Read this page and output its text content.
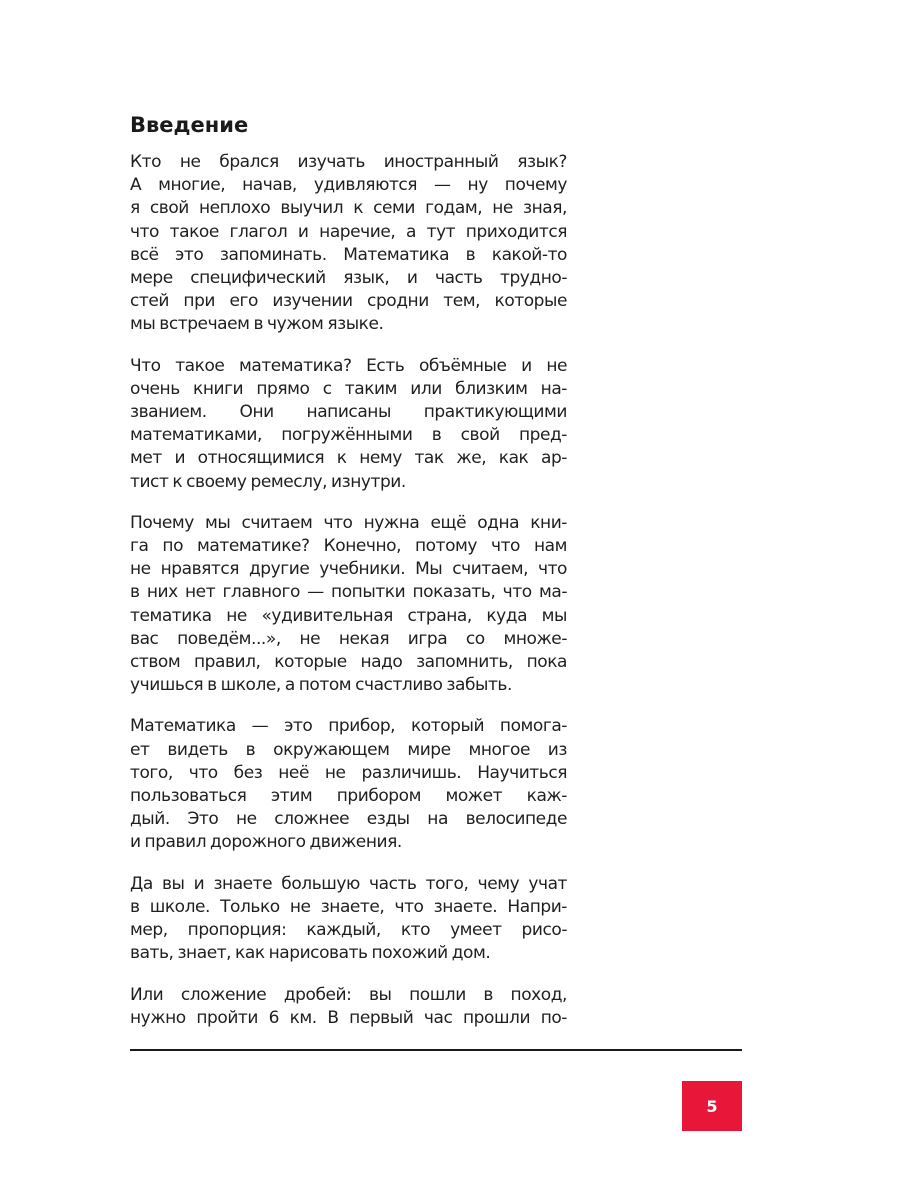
Введение

Кто не брался изучать иностранный язык?
А многие, начав, удивляются — ну почему
я свой неплохо выучил к семи годам, не зная,
что такое глагол и наречие, а тут приходится
всё это запоминать. Математика в какой-то
мере специфический язык, и часть трудно-
стей при его изучении сродни тем, которые
мы встречаем в чужом языке.

Что такое математика? Есть объёмные и не
очень книги прямо с таким или близким на-
званием. Они написаны практикующими
математиками, погружёнными в свой пред-
мет и относящимися к нему так же, как ар-
тист к своему ремеслу, изнутри.

Почему мы считаем что нужна ещё одна кни-
га по математике? Конечно, потому что нам
не нравятся другие учебники. Мы считаем, что
в них нет главного — попытки показать, что ма-
тематика не «удивительная страна, куда мы
вас поведём...», не некая игра со множе-
ством правил, которые надо запомнить, пока
учишься в школе, а потом счастливо забыть.

Математика — это прибор, который помога-
ет видеть в окружающем мире многое из
того, что без неё не различишь. Научиться
пользоваться этим прибором может каж-
дый. Это не сложнее езды на велосипеде
и правил дорожного движения.

Да вы и знаете большую часть того, чему учат
в школе. Только не знаете, что знаете. Напри-
мер, пропорция: каждый, кто умеет рисо-
вать, знает, как нарисовать похожий дом.

Или сложение дробей: вы пошли в поход,
нужно пройти 6 км. В первый час прошли по-

5
